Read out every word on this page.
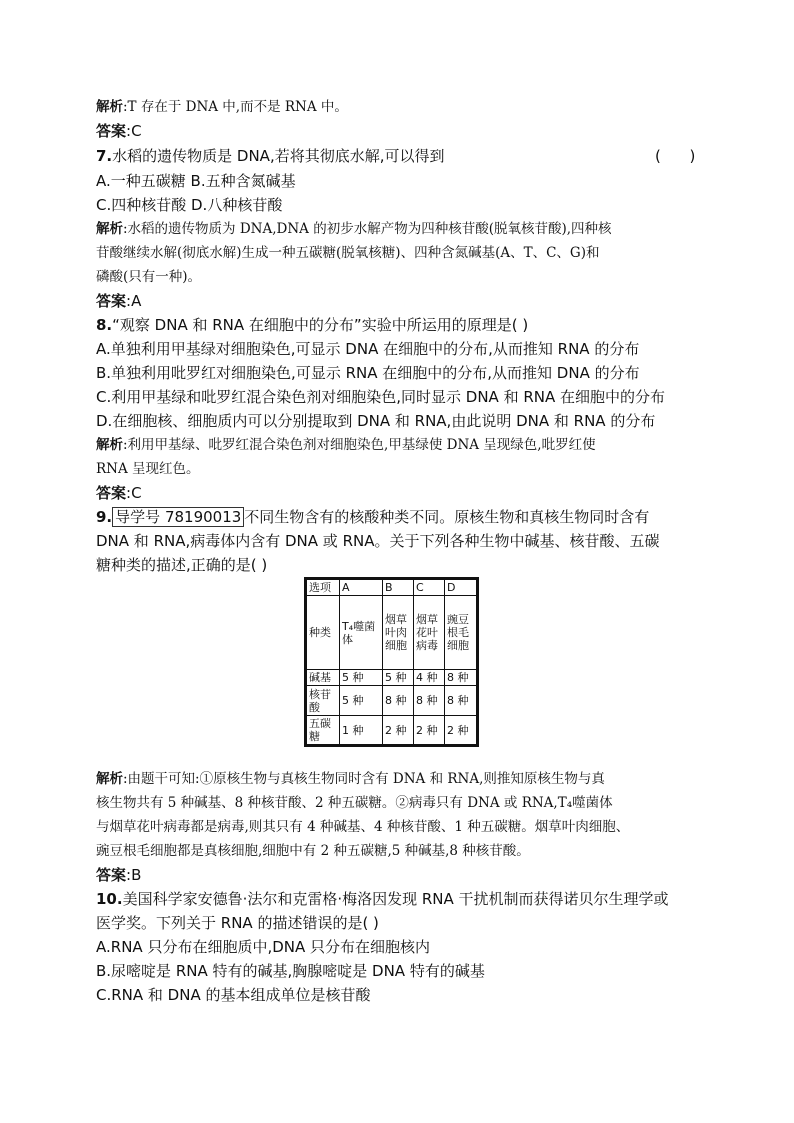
解析:T 存在于 DNA 中,而不是 RNA 中。
答案:C
7.水稻的遗传物质是 DNA,若将其彻底水解,可以得到	(      )
A.一种五碳糖 B.五种含氮碱基
C.四种核苷酸 D.八种核苷酸
解析:水稻的遗传物质为 DNA,DNA 的初步水解产物为四种核苷酸(脱氧核苷酸),四种核
苷酸继续水解(彻底水解)生成一种五碳糖(脱氧核糖)、四种含氮碱基(A、T、C、G)和
磷酸(只有一种)。
答案:A
8.“观察 DNA 和 RNA 在细胞中的分布”实验中所运用的原理是( )
A.单独利用甲基绿对细胞染色,可显示 DNA 在细胞中的分布,从而推知 RNA 的分布
B.单独利用吡罗红对细胞染色,可显示 RNA 在细胞中的分布,从而推知 DNA 的分布
C.利用甲基绿和吡罗红混合染色剂对细胞染色,同时显示 DNA 和 RNA 在细胞中的分布
D.在细胞核、细胞质内可以分别提取到 DNA 和 RNA,由此说明 DNA 和 RNA 的分布
解析:利用甲基绿、吡罗红混合染色剂对细胞染色,甲基绿使 DNA 呈现绿色,吡罗红使
RNA 呈现红色。
答案:C
9. 导学号 78190013 不同生物含有的核酸种类不同。原核生物和真核生物同时含有
DNA 和 RNA,病毒体内含有 DNA 或 RNA。关于下列各种生物中碱基、核苷酸、五碳
糖种类的描述,正确的是( )
选项	A	B	C	D
种类	T₄噬菌体	烟草叶肉细胞	烟草花叶病毒	豌豆根毛细胞
碱基	5 种	5 种	4 种	8 种
核苷酸	5 种	8 种	8 种	8 种
五碳糖	1 种	2 种	2 种	2 种
解析:由题干可知:①原核生物与真核生物同时含有 DNA 和 RNA,则推知原核生物与真
核生物共有 5 种碱基、8 种核苷酸、2 种五碳糖。②病毒只有 DNA 或 RNA,T₄噬菌体
与烟草花叶病毒都是病毒,则其只有 4 种碱基、4 种核苷酸、1 种五碳糖。烟草叶肉细胞、
豌豆根毛细胞都是真核细胞,细胞中有 2 种五碳糖,5 种碱基,8 种核苷酸。
答案:B
10.美国科学家安德鲁·法尔和克雷格·梅洛因发现 RNA 干扰机制而获得诺贝尔生理学或
医学奖。下列关于 RNA 的描述错误的是( )
A.RNA 只分布在细胞质中,DNA 只分布在细胞核内
B.尿嘧啶是 RNA 特有的碱基,胸腺嘧啶是 DNA 特有的碱基
C.RNA 和 DNA 的基本组成单位是核苷酸
